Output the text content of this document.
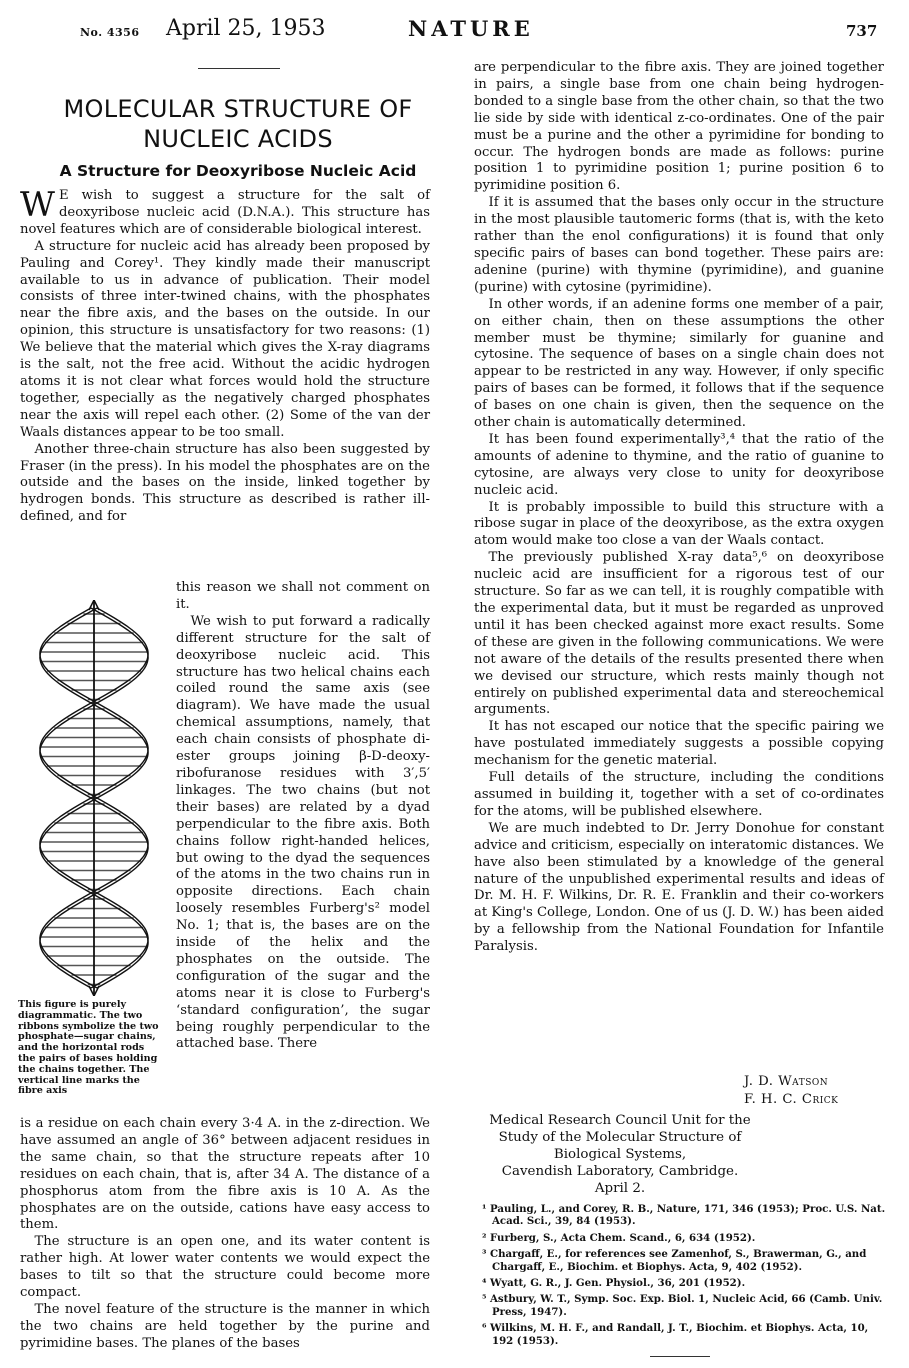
No. 4356 April 25, 1953	NATURE	737
MOLECULAR STRUCTURE OF
NUCLEIC ACIDS
A Structure for Deoxyribose Nucleic Acid

W E wish to suggest a structure for the salt of deoxyribose nucleic acid (D.N.A.). This structure has novel features which are of considerable biological interest.

A structure for nucleic acid has already been proposed by Pauling and Corey¹. They kindly made their manuscript available to us in advance of publication. Their model consists of three inter-twined chains, with the phosphates near the fibre axis, and the bases on the outside. In our opinion, this structure is unsatisfactory for two reasons: (1) We believe that the material which gives the X-ray diagrams is the salt, not the free acid. Without the acidic hydrogen atoms it is not clear what forces would hold the structure together, especially as the negatively charged phosphates near the axis will repel each other. (2) Some of the van der Waals distances appear to be too small.

Another three-chain structure has also been suggested by Fraser (in the press). In his model the phosphates are on the outside and the bases on the inside, linked together by hydrogen bonds. This structure as described is rather ill-defined, and for

This figure is purely diagrammatic. The two ribbons symbolize the two phosphate—sugar chains, and the horizontal rods the pairs of bases holding the chains together. The vertical line marks the fibre axis

this reason we shall not comment on it.

We wish to put forward a radically different structure for the salt of deoxyribose nucleic acid. This structure has two helical chains each coiled round the same axis (see diagram). We have made the usual chemical assumptions, namely, that each chain consists of phosphate di-ester groups joining β-D-deoxy-ribofuranose residues with 3′,5′ linkages. The two chains (but not their bases) are related by a dyad perpendicular to the fibre axis. Both chains follow right-handed helices, but owing to the dyad the sequences of the atoms in the two chains run in opposite directions. Each chain loosely resembles Furberg's² model No. 1; that is, the bases are on the inside of the helix and the phosphates on the outside. The configuration of the sugar and the atoms near it is close to Furberg's ‘standard configuration’, the sugar being roughly perpendicular to the attached base. There

is a residue on each chain every 3·4 A. in the z-direction. We have assumed an angle of 36° between adjacent residues in the same chain, so that the structure repeats after 10 residues on each chain, that is, after 34 A. The distance of a phosphorus atom from the fibre axis is 10 A. As the phosphates are on the outside, cations have easy access to them.

The structure is an open one, and its water content is rather high. At lower water contents we would expect the bases to tilt so that the structure could become more compact.

The novel feature of the structure is the manner in which the two chains are held together by the purine and pyrimidine bases. The planes of the bases

are perpendicular to the fibre axis. They are joined together in pairs, a single base from one chain being hydrogen-bonded to a single base from the other chain, so that the two lie side by side with identical z-co-ordinates. One of the pair must be a purine and the other a pyrimidine for bonding to occur. The hydrogen bonds are made as follows: purine position 1 to pyrimidine position 1; purine position 6 to pyrimidine position 6.

If it is assumed that the bases only occur in the structure in the most plausible tautomeric forms (that is, with the keto rather than the enol configurations) it is found that only specific pairs of bases can bond together. These pairs are: adenine (purine) with thymine (pyrimidine), and guanine (purine) with cytosine (pyrimidine).

In other words, if an adenine forms one member of a pair, on either chain, then on these assumptions the other member must be thymine; similarly for guanine and cytosine. The sequence of bases on a single chain does not appear to be restricted in any way. However, if only specific pairs of bases can be formed, it follows that if the sequence of bases on one chain is given, then the sequence on the other chain is automatically determined.

It has been found experimentally³,⁴ that the ratio of the amounts of adenine to thymine, and the ratio of guanine to cytosine, are always very close to unity for deoxyribose nucleic acid.

It is probably impossible to build this structure with a ribose sugar in place of the deoxyribose, as the extra oxygen atom would make too close a van der Waals contact.

The previously published X-ray data⁵,⁶ on deoxyribose nucleic acid are insufficient for a rigorous test of our structure. So far as we can tell, it is roughly compatible with the experimental data, but it must be regarded as unproved until it has been checked against more exact results. Some of these are given in the following communications. We were not aware of the details of the results presented there when we devised our structure, which rests mainly though not entirely on published experimental data and stereochemical arguments.

It has not escaped our notice that the specific pairing we have postulated immediately suggests a possible copying mechanism for the genetic material.

Full details of the structure, including the conditions assumed in building it, together with a set of co-ordinates for the atoms, will be published elsewhere.

We are much indebted to Dr. Jerry Donohue for constant advice and criticism, especially on interatomic distances. We have also been stimulated by a knowledge of the general nature of the unpublished experimental results and ideas of Dr. M. H. F. Wilkins, Dr. R. E. Franklin and their co-workers at King's College, London. One of us (J. D. W.) has been aided by a fellowship from the National Foundation for Infantile Paralysis.

J. D. Watson
F. H. C. Crick
Medical Research Council Unit for the
Study of the Molecular Structure of
Biological Systems,
Cavendish Laboratory, Cambridge.
April 2.

¹ Pauling, L., and Corey, R. B., Nature, 171, 346 (1953); Proc. U.S. Nat. Acad. Sci., 39, 84 (1953).

² Furberg, S., Acta Chem. Scand., 6, 634 (1952).

³ Chargaff, E., for references see Zamenhof, S., Brawerman, G., and Chargaff, E., Biochim. et Biophys. Acta, 9, 402 (1952).

⁴ Wyatt, G. R., J. Gen. Physiol., 36, 201 (1952).

⁵ Astbury, W. T., Symp. Soc. Exp. Biol. 1, Nucleic Acid, 66 (Camb. Univ. Press, 1947).

⁶ Wilkins, M. H. F., and Randall, J. T., Biochim. et Biophys. Acta, 10, 192 (1953).
